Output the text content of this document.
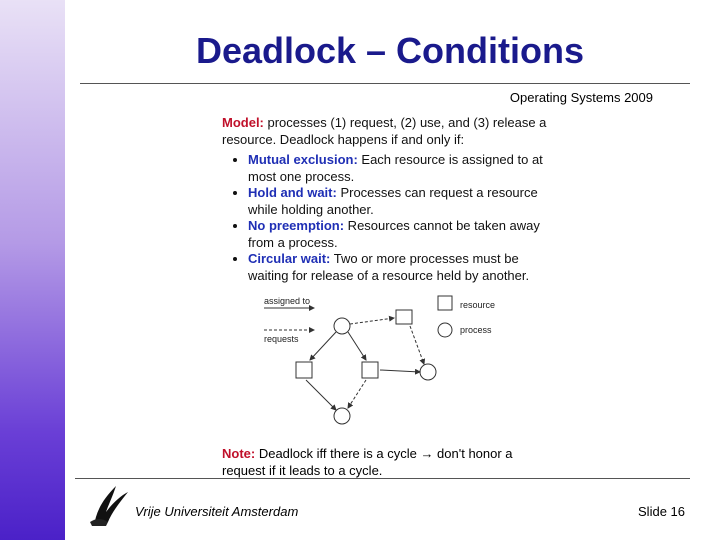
Deadlock – Conditions
Operating Systems 2009

Model: processes (1) request, (2) use, and (3) release a resource. Deadlock happens if and only if:

• Mutual exclusion: Each resource is assigned to at most one process.
• Hold and wait: Processes can request a resource while holding another.
• No preemption: Resources cannot be taken away from a process.
• Circular wait: Two or more processes must be waiting for release of a resource held by another.
assigned to
requests
resource
process
Note: Deadlock iff there is a cycle → don't honor a request if it leads to a cycle.
Vrije Universiteit Amsterdam	Slide 16
